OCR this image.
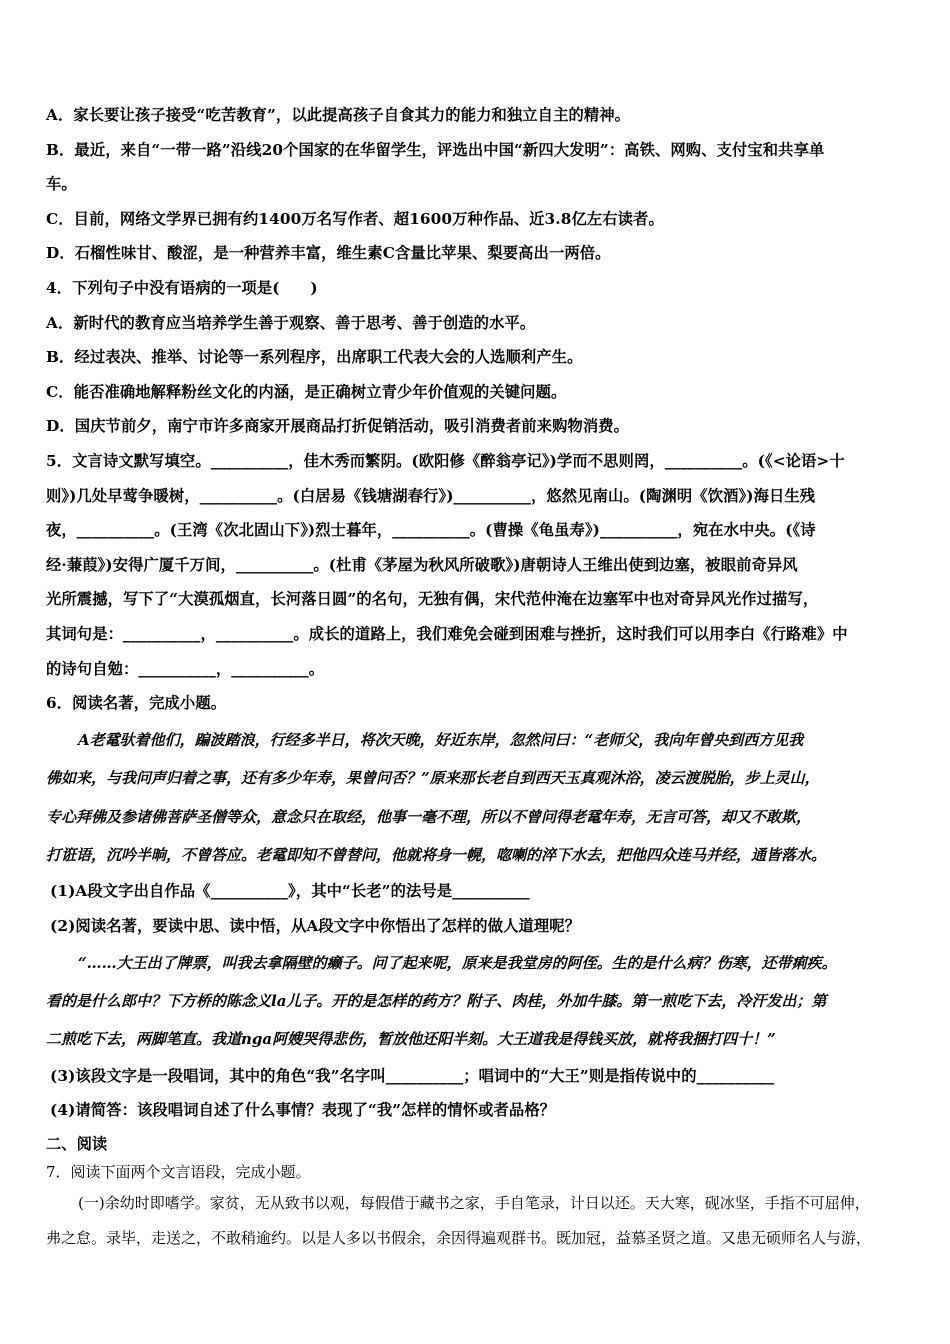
A．家长要让孩子接受“吃苦教育”，以此提高孩子自食其力的能力和独立自主的精神。
B．最近，来自“一带一路”沿线20个国家的在华留学生，评选出中国“新四大发明”：高铁、网购、支付宝和共享单
车。
C．目前，网络文学界已拥有约1400万名写作者、超1600万种作品、近3.8亿左右读者。
D．石榴性味甘、酸涩，是一种营养丰富，维生素C含量比苹果、梨要高出一两倍。
4．下列句子中没有语病的一项是(　　)
A．新时代的教育应当培养学生善于观察、善于思考、善于创造的水平。
B．经过表决、推举、讨论等一系列程序，出席职工代表大会的人选顺利产生。
C．能否准确地解释粉丝文化的内涵，是正确树立青少年价值观的关键问题。
D．国庆节前夕，南宁市许多商家开展商品打折促销活动，吸引消费者前来购物消费。
5．文言诗文默写填空。__________，佳木秀而繁阴。(欧阳修《醉翁亭记》)学而不思则罔，__________。(《<论语>十
则》)几处早莺争暖树，__________。(白居易《钱塘湖春行》)__________，悠然见南山。(陶渊明《饮酒》)海日生残
夜，__________。(王湾《次北固山下》)烈士暮年，__________。(曹操《龟虽寿》)__________，宛在水中央。(《诗
经·蒹葭》)安得广厦千万间，__________。(杜甫《茅屋为秋风所破歌》)唐朝诗人王维出使到边塞，被眼前奇异风
光所震撼，写下了“大漠孤烟直，长河落日圆”的名句，无独有偶，宋代范仲淹在边塞军中也对奇异风光作过描写，
其词句是：__________，__________。成长的道路上，我们难免会碰到困难与挫折，这时我们可以用李白《行路难》中
的诗句自勉：__________，__________。
6．阅读名著，完成小题。
A老鼋驮着他们，蹁波踏浪，行经多半日，将次天晚，好近东岸，忽然问曰：“老师父，我向年曾央到西方见我
佛如来，与我问声归着之事，还有多少年寿，果曾问否？”原来那长老自到西天玉真观沐浴，凌云渡脱胎，步上灵山，
专心拜佛及参诸佛菩萨圣僧等众，意念只在取经，他事一毫不理，所以不曾问得老鼋年寿，无言可答，却又不敢欺，
打诳语，沉吟半晌，不曾答应。老鼋即知不曾替问，他就将身一幌，唿喇的淬下水去，把他四众连马并经，通皆落水。
(1)A段文字出自作品《__________》，其中“长老”的法号是__________
(2)阅读名著，要读中思、读中悟，从A段文字中你悟出了怎样的做人道理呢？
“……大王出了牌票，叫我去拿隔壁的癞子。问了起来呢，原来是我堂房的阿侄。生的是什么病？伤寒，还带痢疾。
看的是什么郎中？下方桥的陈念义la儿子。开的是怎样的药方？附子、肉桂，外加牛膝。第一煎吃下去，冷汗发出；第
二煎吃下去，两脚笔直。我道nga阿嫂哭得悲伤，暂放他还阳半刻。大王道我是得钱买放，就将我捆打四十！”
(3)该段文字是一段唱词，其中的角色“我”名字叫__________；唱词中的“大王”则是指传说中的__________
(4)请简答：该段唱词自述了什么事情？表现了“我”怎样的情怀或者品格？
二、阅读
7．阅读下面两个文言语段，完成小题。
(一)余幼时即嗜学。家贫，无从致书以观，每假借于藏书之家，手自笔录，计日以还。天大寒，砚冰坚，手指不可屈伸，
弗之怠。录毕，走送之，不敢稍逾约。以是人多以书假余，余因得遍观群书。既加冠，益慕圣贤之道。又患无硕师名人与游，
